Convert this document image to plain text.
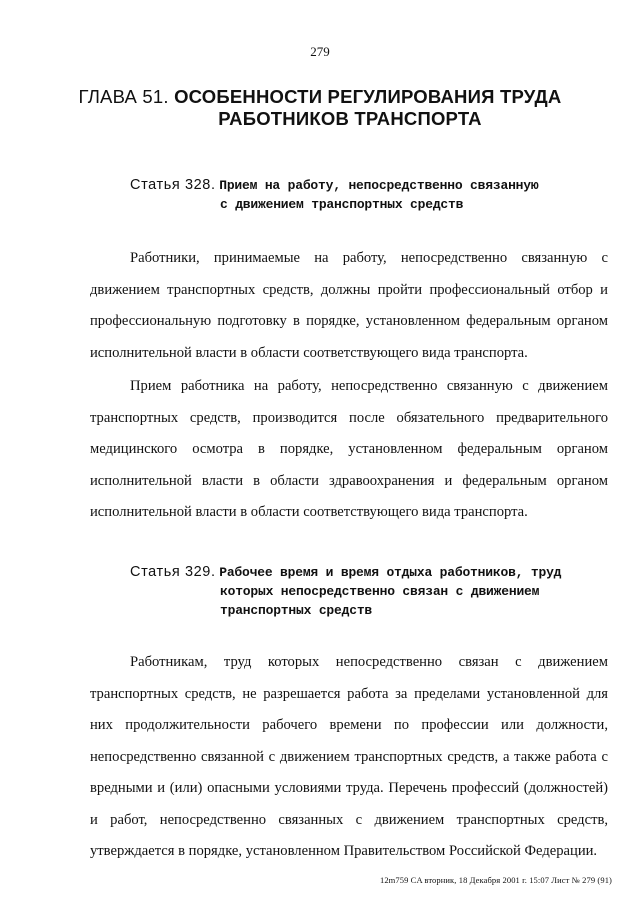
279
ГЛАВА 51. ОСОБЕННОСТИ РЕГУЛИРОВАНИЯ ТРУДА
РАБОТНИКОВ ТРАНСПОРТА
Статья 328. Прием на работу, непосредственно связанную
с движением транспортных средств

Работники, принимаемые на работу, непосредственно связанную с движением транспортных средств, должны пройти профессиональный отбор и профессиональную подготовку в порядке, установленном федеральным органом исполнительной власти в области соответствующего вида транспорта.

Прием работника на работу, непосредственно связанную с движением транспортных средств, производится после обязательного предварительного медицинского осмотра в порядке, установленном федеральным органом исполнительной власти в области здравоохранения и федеральным органом исполнительной власти в области соответствующего вида транспорта.

Статья 329. Рабочее время и время отдыха работников, труд
которых непосредственно связан с движением
транспортных средств

Работникам, труд которых непосредственно связан с движением транспортных средств, не разрешается работа за пределами установленной для них продолжительности рабочего времени по профессии или должности, непосредственно связанной с движением транспортных средств, а также работа с вредными и (или) опасными условиями труда. Перечень профессий (должностей) и работ, непосредственно связанных с движением транспортных средств, утверждается в порядке, установленном Правительством Российской Федерации.

12m759 CA вторник, 18 Декабря 2001 г. 15:07 Лист № 279 (91)
